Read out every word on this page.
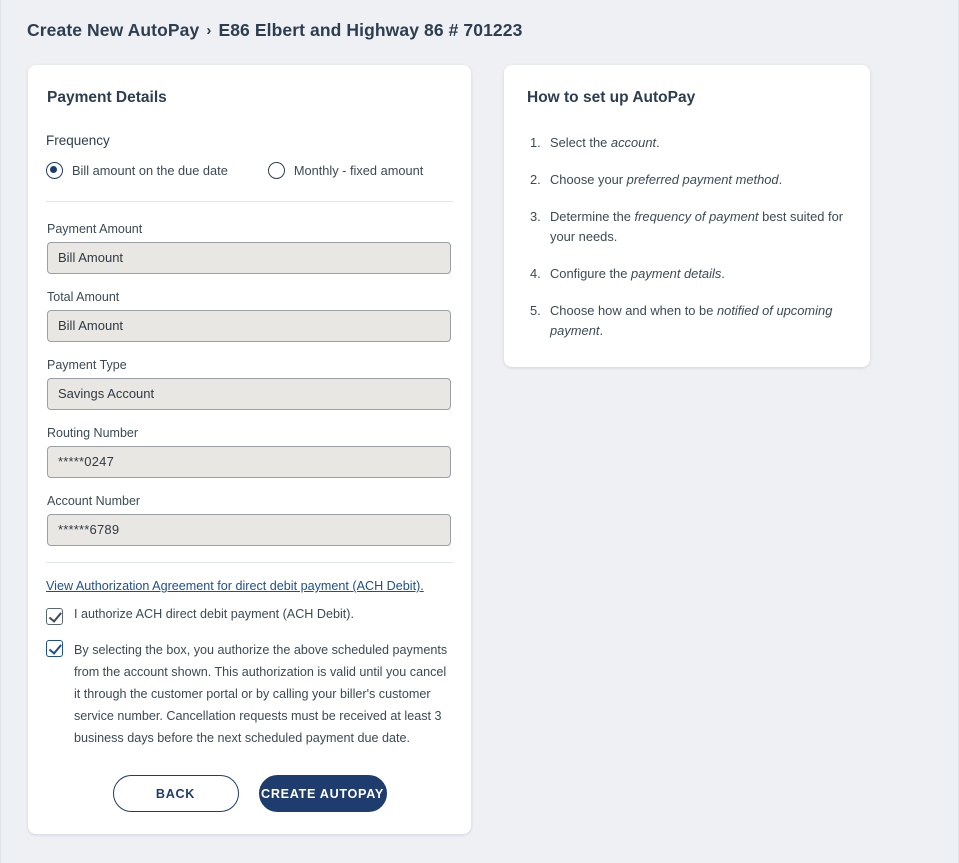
Create New AutoPay › E86 Elbert and Highway 86 # 701223
Payment Details
Frequency
Bill amount on the due date	Monthly - fixed amount
Payment Amount
Bill Amount
Total Amount
Bill Amount
Payment Type
Savings Account
Routing Number
*****0247
Account Number
******6789
View Authorization Agreement for direct debit payment (ACH Debit).
I authorize ACH direct debit payment (ACH Debit).
By selecting the box, you authorize the above scheduled payments from the account shown. This authorization is valid until you cancel it through the customer portal or by calling your biller's customer service number. Cancellation requests must be received at least 3 business days before the next scheduled payment due date.
BACK	CREATE AUTOPAY
How to set up AutoPay
Select the account.
Choose your preferred payment method.
Determine the frequency of payment best suited for your needs.
Configure the payment details.
Choose how and when to be notified of upcoming payment.
